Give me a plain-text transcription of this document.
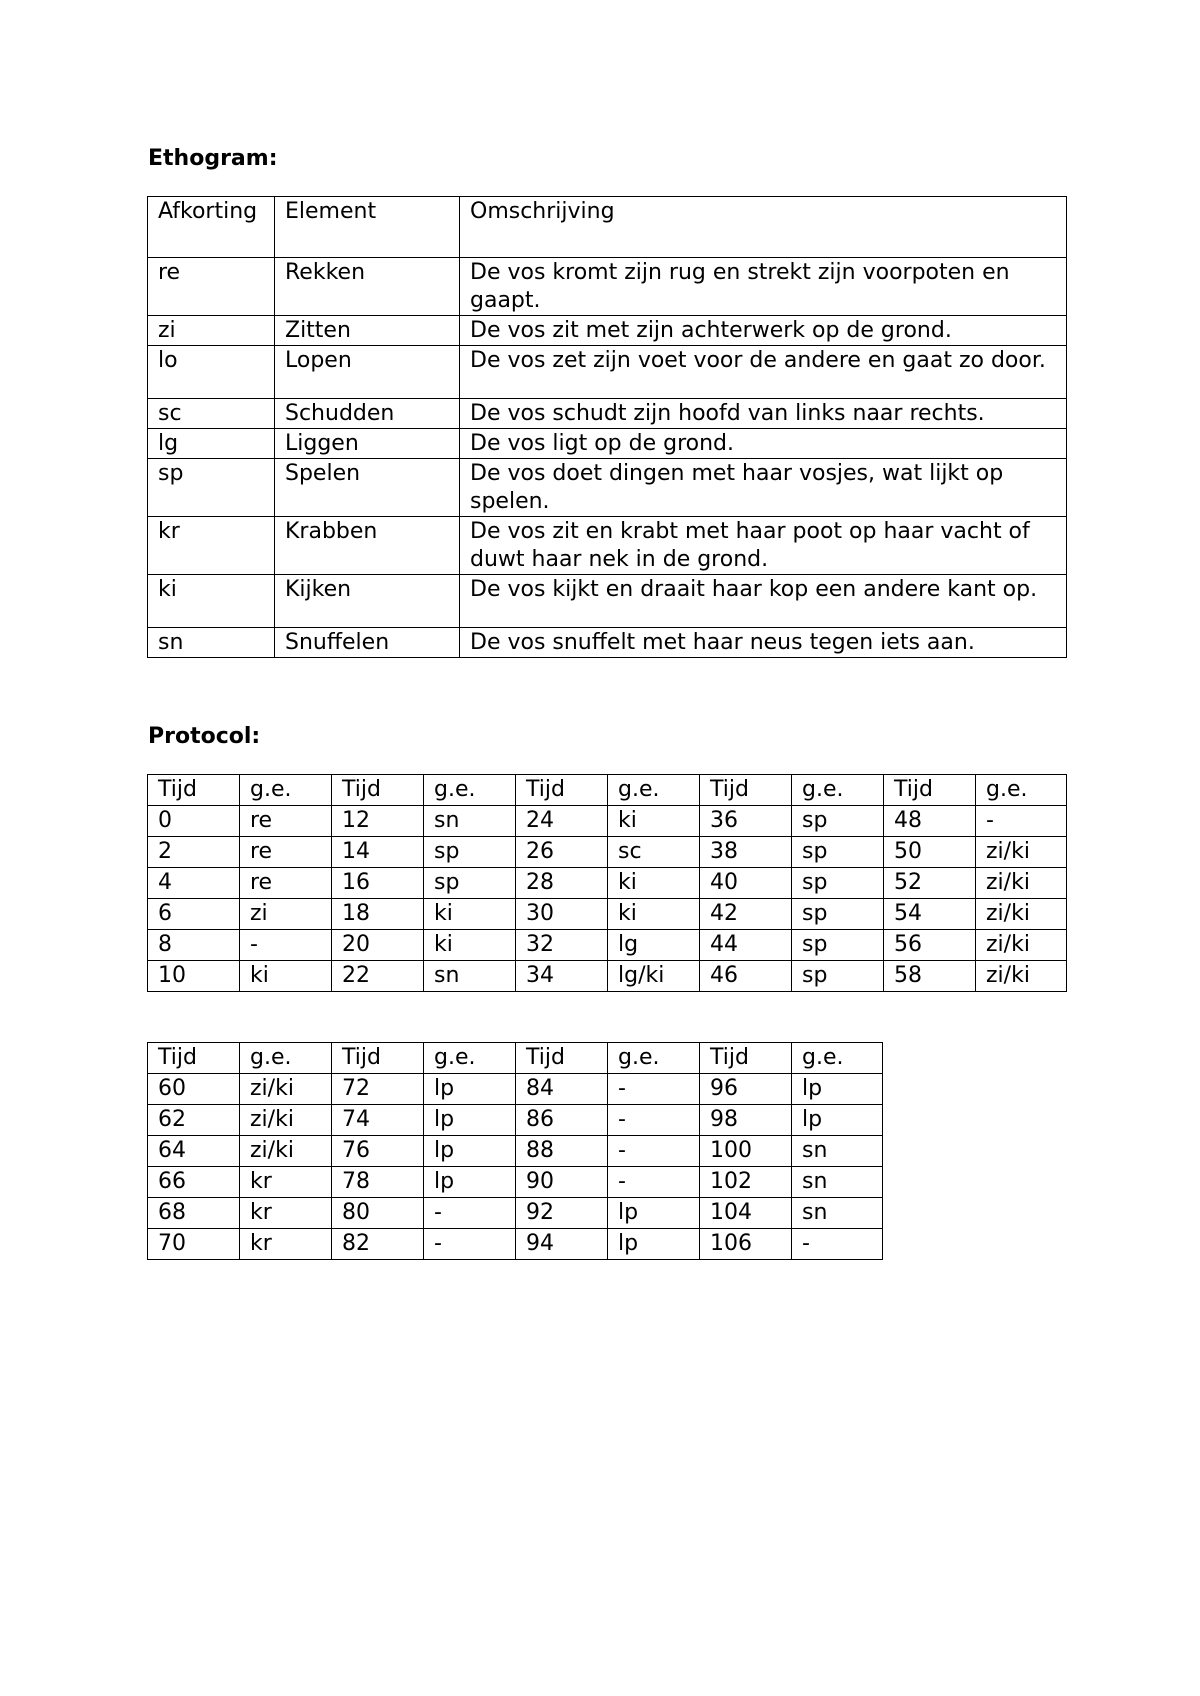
Ethogram:
Afkorting	Element	Omschrijving
re	Rekken	De vos kromt zijn rug en strekt zijn voorpoten en gaapt.
zi	Zitten	De vos zit met zijn achterwerk op de grond.
lo	Lopen	De vos zet zijn voet voor de andere en gaat zo door.
sc	Schudden	De vos schudt zijn hoofd van links naar rechts.
lg	Liggen	De vos ligt op de grond.
sp	Spelen	De vos doet dingen met haar vosjes, wat lijkt op spelen.
kr	Krabben	De vos zit en krabt met haar poot op haar vacht of duwt haar nek in de grond.
ki	Kijken	De vos kijkt en draait haar kop een andere kant op.
sn	Snuffelen	De vos snuffelt met haar neus tegen iets aan.
Protocol:
Tijd	g.e.	Tijd	g.e.	Tijd	g.e.	Tijd	g.e.	Tijd	g.e.
0	re	12	sn	24	ki	36	sp	48	-
2	re	14	sp	26	sc	38	sp	50	zi/ki
4	re	16	sp	28	ki	40	sp	52	zi/ki
6	zi	18	ki	30	ki	42	sp	54	zi/ki
8	-	20	ki	32	lg	44	sp	56	zi/ki
10	ki	22	sn	34	lg/ki	46	sp	58	zi/ki
Tijd	g.e.	Tijd	g.e.	Tijd	g.e.	Tijd	g.e.
60	zi/ki	72	lp	84	-	96	lp
62	zi/ki	74	lp	86	-	98	lp
64	zi/ki	76	lp	88	-	100	sn
66	kr	78	lp	90	-	102	sn
68	kr	80	-	92	lp	104	sn
70	kr	82	-	94	lp	106	-
